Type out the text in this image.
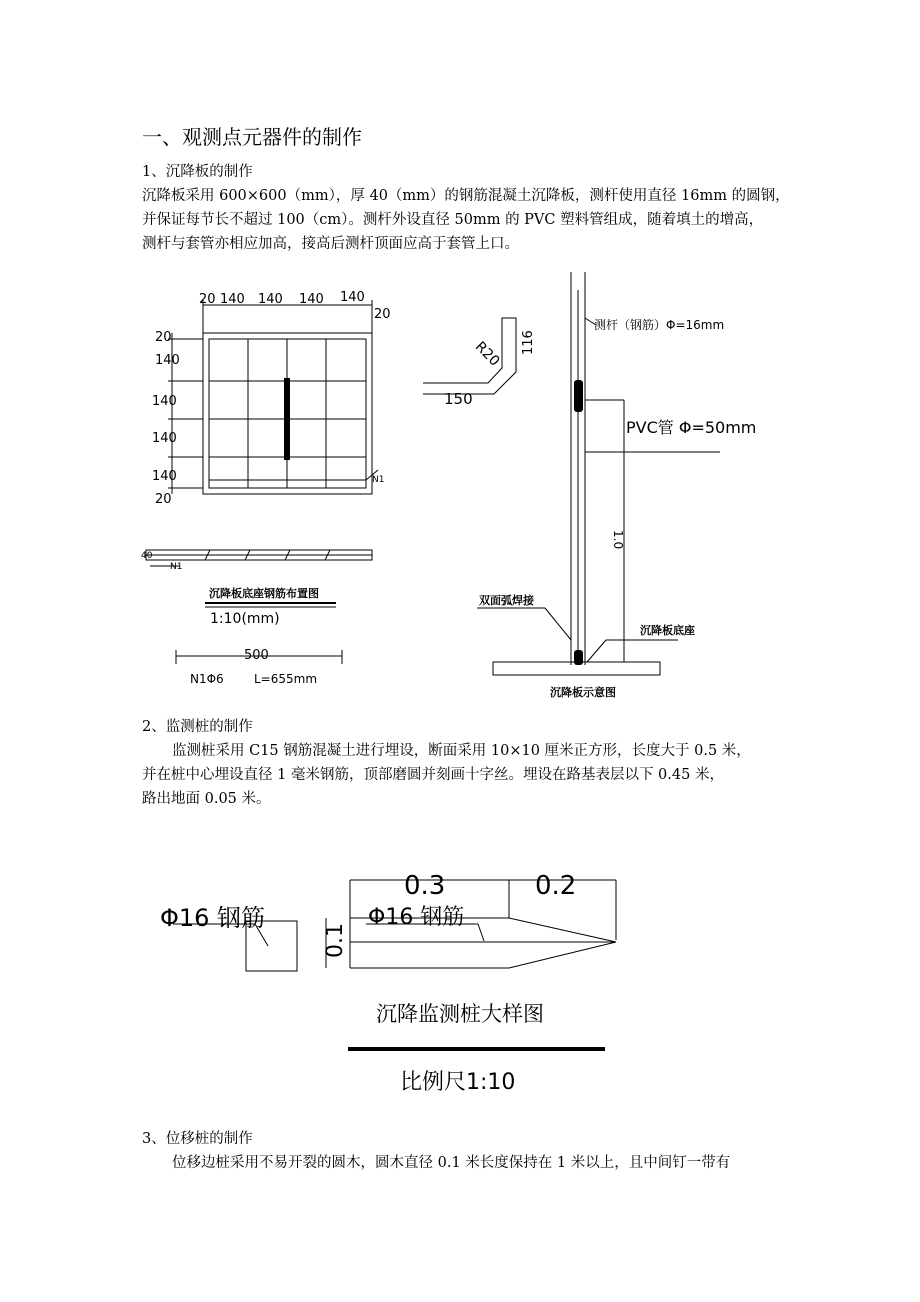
一、观测点元器件的制作
1、沉降板的制作
沉降板采用 600×600（mm），厚 40（mm）的钢筋混凝土沉降板，测杆使用直径 16mm 的圆钢，
并保证每节长不超过 100（cm）。测杆外设直径 50mm 的 PVC 塑料管组成，随着填土的增高，
测杆与套管亦相应加高，接高后测杆顶面应高于套管上口。
20 140 140 140 140
20
20
140
140
140
140
20
N1
40
N1
沉降板底座钢筋布置图
1:10(mm)
500
N1Φ6	L=655mm
R20 116
150
测杆（钢筋）Φ=16mm
PVC管 Φ=50mm
1.0
双面弧焊接
沉降板底座
沉降板示意图
2、监测桩的制作
监测桩采用 C15 钢筋混凝土进行埋设，断面采用 10×10 厘米正方形，长度大于 0.5 米，
并在桩中心埋设直径 1 毫米钢筋，顶部磨圆并刻画十字丝。埋设在路基表层以下 0.45 米，
路出地面 0.05 米。
0.3	0.2
Φ16 钢筋	Φ16 钢筋
0.1
沉降监测桩大样图
比例尺1:10
3、位移桩的制作
位移边桩采用不易开裂的圆木，圆木直径 0.1 米长度保持在 1 米以上，且中间钉一带有
